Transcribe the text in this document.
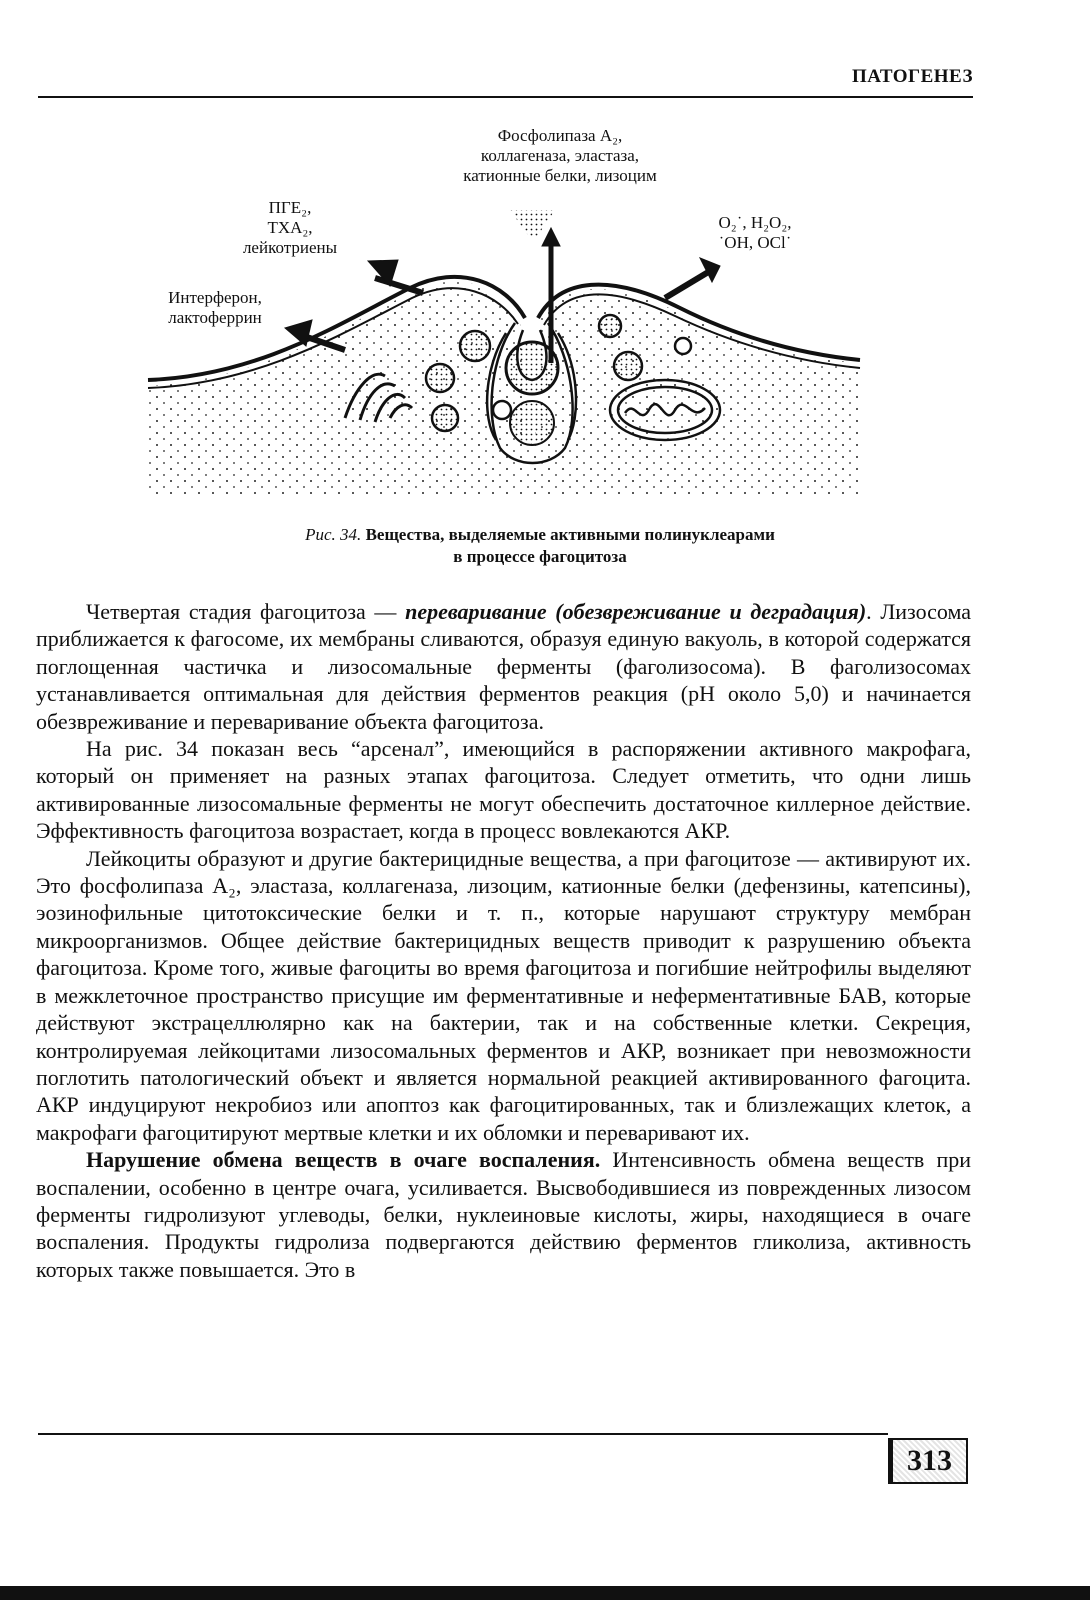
ПАТОГЕНЕЗ
Фосфолипаза А₂,
коллагеназа, эластаза,
катионные белки, лизоцим
ПГЕ₂,
ТХА₂,
лейкотриены
Интерферон,
лактоферрин
O₂˙, H₂O₂,
˙OH, OCl˙
Рис. 34. Вещества, выделяемые активными полинуклеарами
в процессе фагоцитоза

Четвертая стадия фагоцитоза — переваривание (обезвреживание и деградация). Лизосома приближается к фагосоме, их мембраны сливаются, образуя единую вакуоль, в которой содержатся поглощенная частичка и лизосомальные ферменты (фаголизосома). В фаголизосомах устанавливается оптимальная для действия ферментов реакция (pH около 5,0) и начинается обезвреживание и переваривание объекта фагоцитоза.

На рис. 34 показан весь “арсенал”, имеющийся в распоряжении активного макрофага, который он применяет на разных этапах фагоцитоза. Следует отметить, что одни лишь активированные лизосомальные ферменты не могут обеспечить достаточное киллерное действие. Эффективность фагоцитоза возрастает, когда в процесс вовлекаются АКР.

Лейкоциты образуют и другие бактерицидные вещества, а при фагоцитозе — активируют их. Это фосфолипаза А₂, эластаза, коллагеназа, лизоцим, катионные белки (дефензины, катепсины), эозинофильные цитотоксические белки и т. п., которые нарушают структуру мембран микроорганизмов. Общее действие бактерицидных веществ приводит к разрушению объекта фагоцитоза. Кроме того, живые фагоциты во время фагоцитоза и погибшие нейтрофилы выделяют в межклеточное пространство присущие им ферментативные и неферментативные БАВ, которые действуют экстрацеллюлярно как на бактерии, так и на собственные клетки. Секреция, контролируемая лейкоцитами лизосомальных ферментов и АКР, возникает при невозможности поглотить патологический объект и является нормальной реакцией активированного фагоцита. АКР индуцируют некробиоз или апоптоз как фагоцитированных, так и близлежащих клеток, а макрофаги фагоцитируют мертвые клетки и их обломки и переваривают их.

Нарушение обмена веществ в очаге воспаления. Интенсивность обмена веществ при воспалении, особенно в центре очага, усиливается. Высвободившиеся из поврежденных лизосом ферменты гидролизуют углеводы, белки, нуклеиновые кислоты, жиры, находящиеся в очаге воспаления. Продукты гидролиза подвергаются действию ферментов гликолиза, активность которых также повышается. Это в

313
